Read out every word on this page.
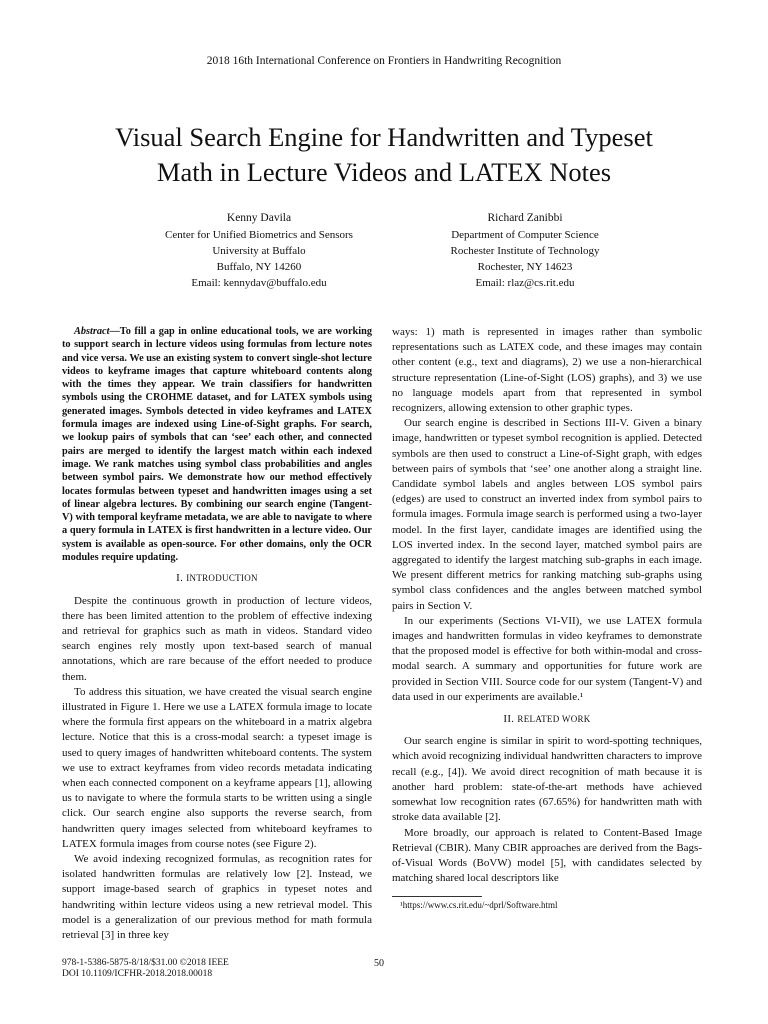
2018 16th International Conference on Frontiers in Handwriting Recognition
Visual Search Engine for Handwritten and Typeset
Math in Lecture Videos and LATEX Notes
Kenny Davila
Center for Unified Biometrics and Sensors
University at Buffalo
Buffalo, NY 14260
Email: kennydav@buffalo.edu
Richard Zanibbi
Department of Computer Science
Rochester Institute of Technology
Rochester, NY 14623
Email: rlaz@cs.rit.edu

Abstract—To fill a gap in online educational tools, we are working to support search in lecture videos using formulas from lecture notes and vice versa. We use an existing system to convert single-shot lecture videos to keyframe images that capture whiteboard contents along with the times they appear. We train classifiers for handwritten symbols using the CROHME dataset, and for LATEX symbols using generated images. Symbols detected in video keyframes and LATEX formula images are indexed using Line-of-Sight graphs. For search, we lookup pairs of symbols that can ‘see’ each other, and connected pairs are merged to identify the largest match within each indexed image. We rank matches using symbol class probabilities and angles between symbol pairs. We demonstrate how our method effectively locates formulas between typeset and handwritten images using a set of linear algebra lectures. By combining our search engine (Tangent-V) with temporal keyframe metadata, we are able to navigate to where a query formula in LATEX is first handwritten in a lecture video. Our system is available as open-source. For other domains, only the OCR modules require updating.

I. INTRODUCTION

Despite the continuous growth in production of lecture videos, there has been limited attention to the problem of effective indexing and retrieval for graphics such as math in videos. Standard video search engines rely mostly upon text-based search of manual annotations, which are rare because of the effort needed to produce them.

To address this situation, we have created the visual search engine illustrated in Figure 1. Here we use a LATEX formula image to locate where the formula first appears on the whiteboard in a matrix algebra lecture. Notice that this is a cross-modal search: a typeset image is used to query images of handwritten whiteboard contents. The system we use to extract keyframes from video records metadata indicating when each connected component on a keyframe appears [1], allowing us to navigate to where the formula starts to be written using a single click. Our search engine also supports the reverse search, from handwritten query images selected from whiteboard keyframes to LATEX formula images from course notes (see Figure 2).

We avoid indexing recognized formulas, as recognition rates for isolated handwritten formulas are relatively low [2]. Instead, we support image-based search of graphics in typeset notes and handwriting within lecture videos using a new retrieval model. This model is a generalization of our previous method for math formula retrieval [3] in three key

ways: 1) math is represented in images rather than symbolic representations such as LATEX code, and these images may contain other content (e.g., text and diagrams), 2) we use a non-hierarchical structure representation (Line-of-Sight (LOS) graphs), and 3) we use no language models apart from that represented in symbol recognizers, allowing extension to other graphic types.

Our search engine is described in Sections III-V. Given a binary image, handwritten or typeset symbol recognition is applied. Detected symbols are then used to construct a Line-of-Sight graph, with edges between pairs of symbols that ‘see’ one another along a straight line. Candidate symbol labels and angles between LOS symbol pairs (edges) are used to construct an inverted index from symbol pairs to formula images. Formula image search is performed using a two-layer model. In the first layer, candidate images are identified using the LOS inverted index. In the second layer, matched symbol pairs are aggregated to identify the largest matching sub-graphs in each image. We present different metrics for ranking matching sub-graphs using symbol class confidences and the angles between matched symbol pairs in Section V.

In our experiments (Sections VI-VII), we use LATEX formula images and handwritten formulas in video keyframes to demonstrate that the proposed model is effective for both within-modal and cross-modal search. A summary and opportunities for future work are provided in Section VIII. Source code for our system (Tangent-V) and data used in our experiments are available.¹

II. RELATED WORK

Our search engine is similar in spirit to word-spotting techniques, which avoid recognizing individual handwritten characters to improve recall (e.g., [4]). We avoid direct recognition of math because it is another hard problem: state-of-the-art methods have achieved somewhat low recognition rates (67.65%) for handwritten math with stroke data available [2].

More broadly, our approach is related to Content-Based Image Retrieval (CBIR). Many CBIR approaches are derived from the Bags-of-Visual Words (BoVW) model [5], with candidates selected by matching shared local descriptors like

¹https://www.cs.rit.edu/~dprl/Software.html
978-1-5386-5875-8/18/$31.00 ©2018 IEEE
DOI 10.1109/ICFHR-2018.2018.00018
50
